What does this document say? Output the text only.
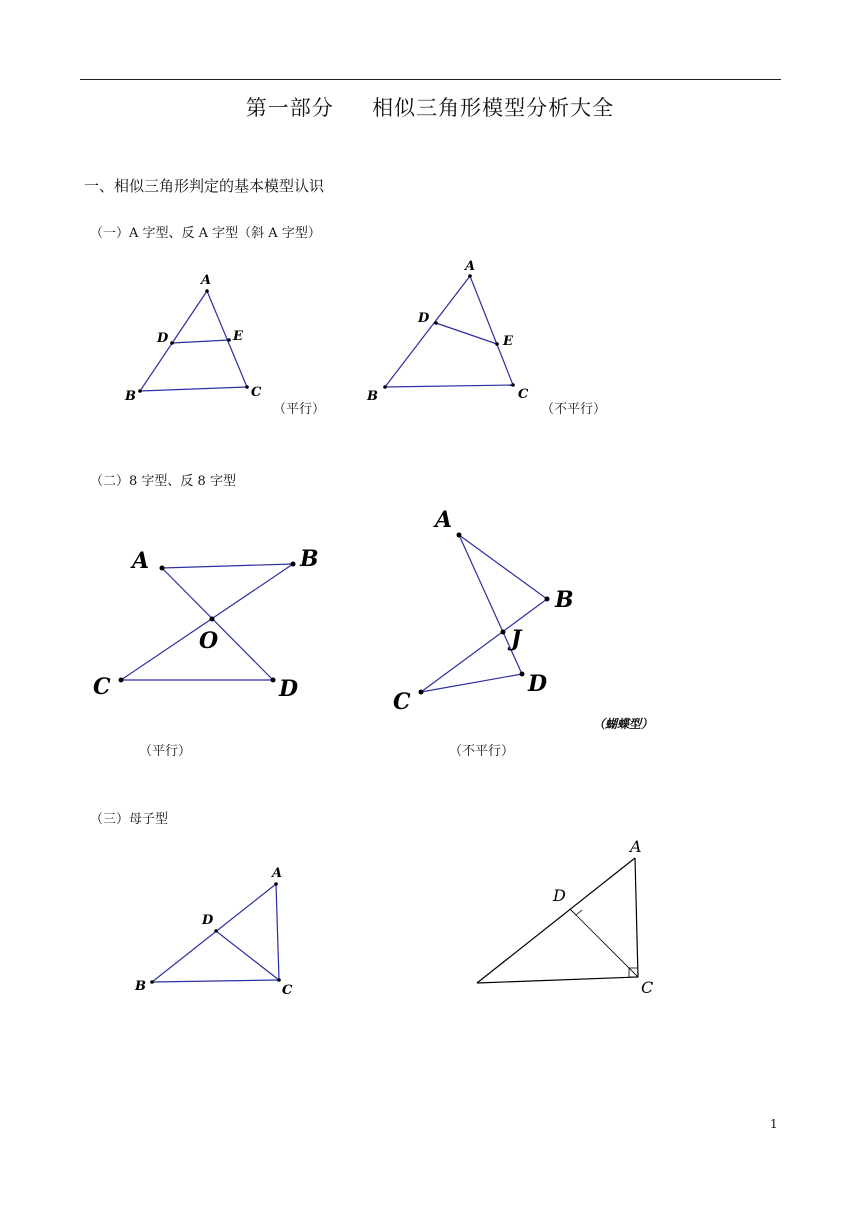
第一部分     相似三角形模型分析大全
一、相似三角形判定的基本模型认识
（一）A 字型、反 A 字型（斜 A 字型）
（二）8 字型、反 8 字型
（三）母子型
（平行）	（不平行）
（平行）	（不平行）
（蝴蝶型）
1
A
D	E
B	C
A
D
E
B	C
A	B
O
C	D
A
B
J
C
D
A
D
B	C
A
D
C
